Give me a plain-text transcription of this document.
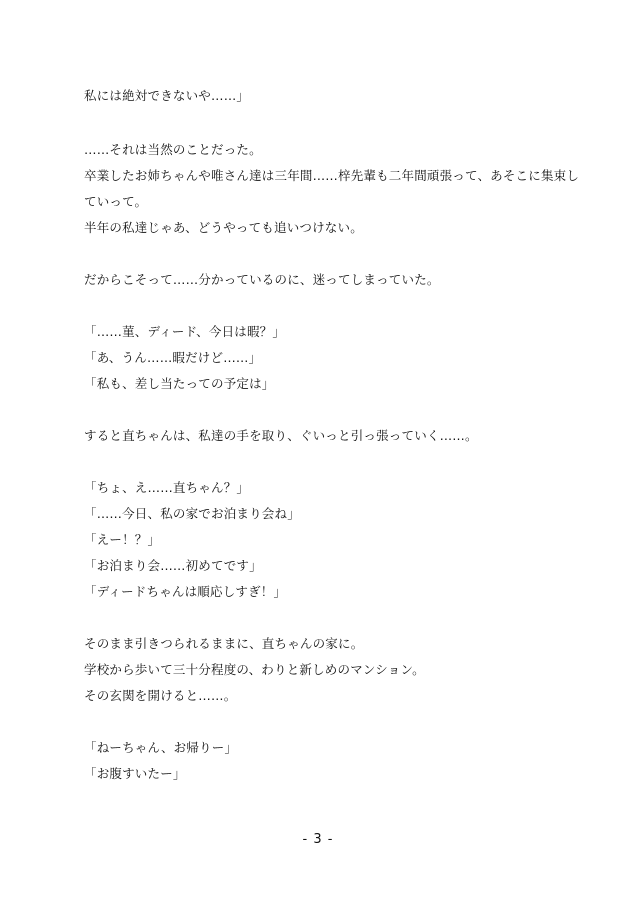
私には絶対できないや……」
……それは当然のことだった。
卒業したお姉ちゃんや唯さん達は三年間……梓先輩も二年間頑張って、あそこに集束し
ていって。
半年の私達じゃあ、どうやっても追いつけない。
だからこそって……分かっているのに、迷ってしまっていた。
「……菫、ディード、今日は暇？」
「あ、うん……暇だけど……」
「私も、差し当たっての予定は」
すると直ちゃんは、私達の手を取り、ぐいっと引っ張っていく……。
「ちょ、え……直ちゃん？」
「……今日、私の家でお泊まり会ね」
「えー！？」
「お泊まり会……初めてです」
「ディードちゃんは順応しすぎ！」
そのまま引きつられるままに、直ちゃんの家に。
学校から歩いて三十分程度の、わりと新しめのマンション。
その玄関を開けると……。
「ねーちゃん、お帰りー」
「お腹すいたー」
- 3 -
